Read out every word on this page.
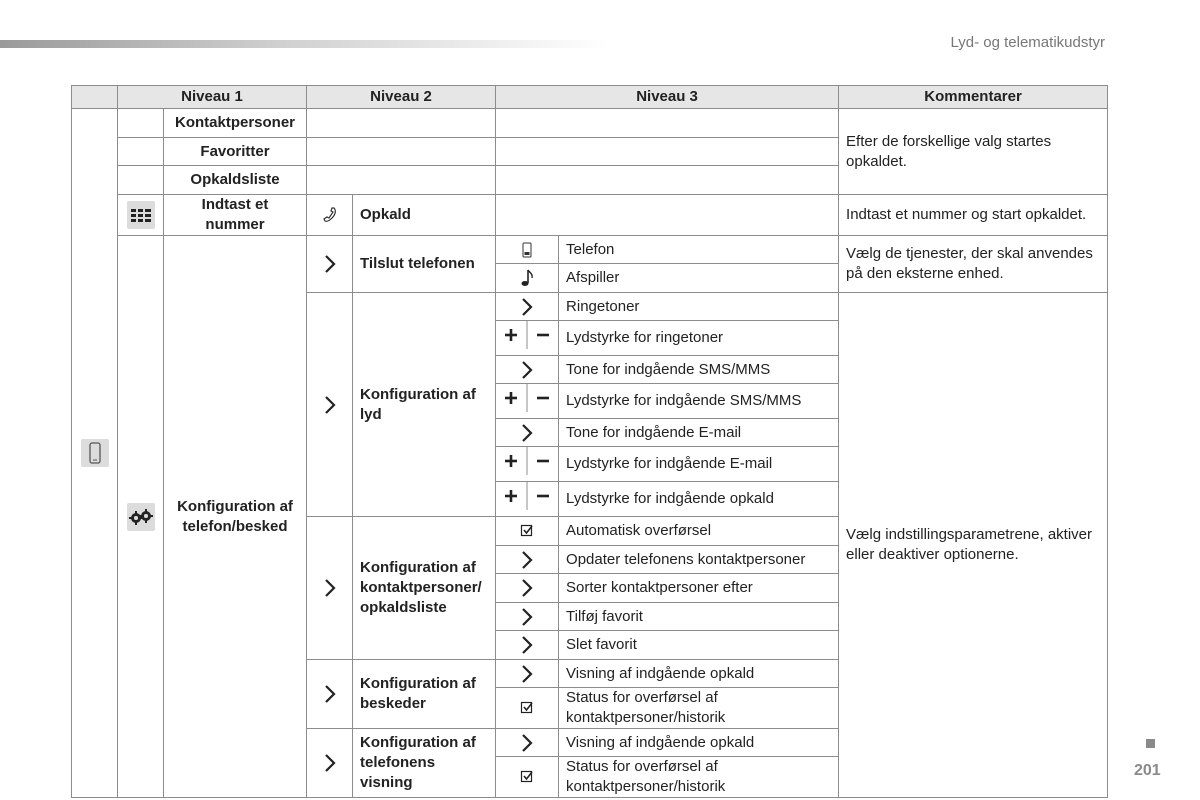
Lyd- og telematikudstyr
201
	Niveau 1		Niveau 2		Niveau 3		Kommentarer

		Kontaktpersoner					Efter de forskellige valg startes opkaldet.
		Favoritter					
		Opkaldsliste					

	Indtast et nummer		Opkald			Indtast et nummer og start opkaldet.

	Konfiguration af telefon/besked		Tilslut telefonen		Telefon	Vælg de tjenester, der skal anvendes på den eksterne enhed.
	Afspiller	
	Konfiguration af lyd		Ringetoner	Vælg indstillingsparametrene, aktiver eller deaktiver optionerne.
	Lydstyrke for ringetoner	
	Tone for indgående SMS/MMS	
	Lydstyrke for indgående SMS/MMS	
	Tone for indgående E-mail	
	Lydstyrke for indgående E-mail	
	Lydstyrke for indgående opkald	
	Konfiguration af kontaktpersoner/ opkaldsliste		Automatisk overførsel	
	Opdater telefonens kontaktpersoner	
	Sorter kontaktpersoner efter	
	Tilføj favorit	
	Slet favorit	
	Konfiguration af beskeder		Visning af indgående opkald	
	Status for overførsel af kontaktpersoner/historik	
	Konfiguration af telefonens visning		Visning af indgående opkald	
	Status for overførsel af kontaktpersoner/historik	
